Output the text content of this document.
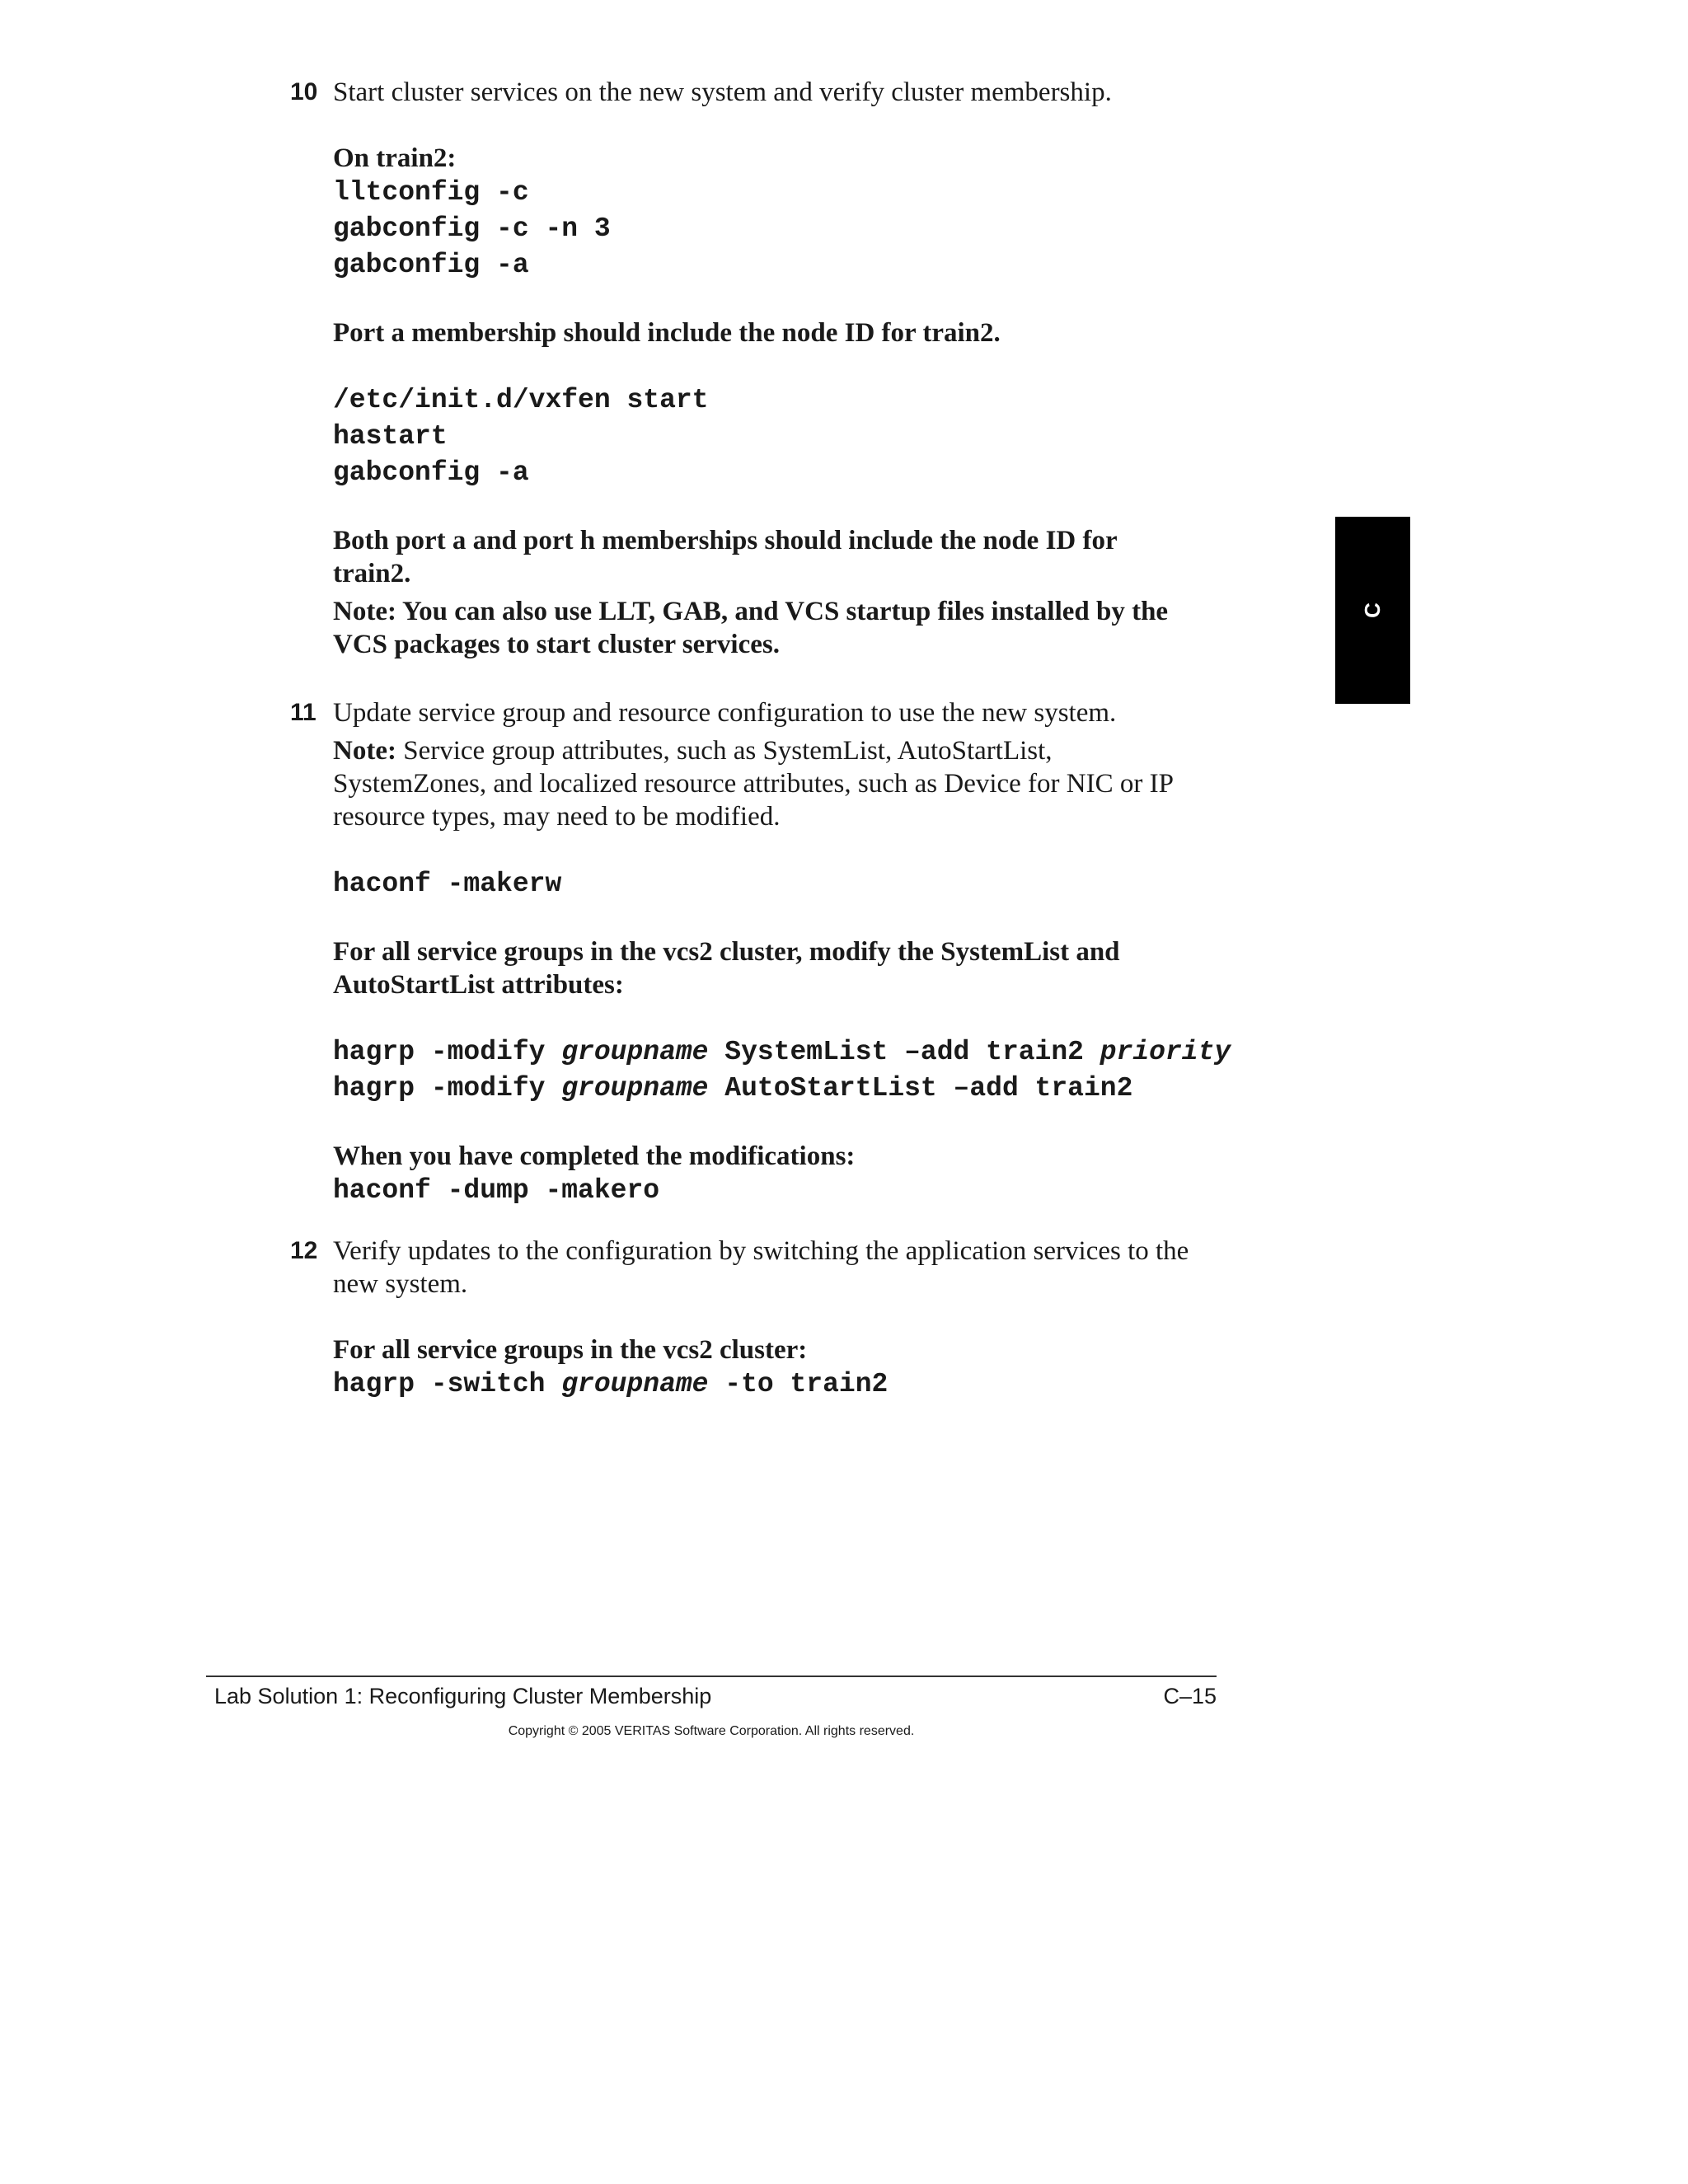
10 Start cluster services on the new system and verify cluster membership.

On train2:

lltconfig -c

gabconfig -c -n 3

gabconfig -a

Port a membership should include the node ID for train2.

/etc/init.d/vxfen start

hastart

gabconfig -a

Both port a and port h memberships should include the node ID for

train2.

Note: You can also use LLT, GAB, and VCS startup files installed by the

VCS packages to start cluster services.

11 Update service group and resource configuration to use the new system.

Note: Service group attributes, such as SystemList, AutoStartList,

SystemZones, and localized resource attributes, such as Device for NIC or IP

resource types, may need to be modified.

haconf -makerw

For all service groups in the vcs2 cluster, modify the SystemList and

AutoStartList attributes:

hagrp -modify groupname SystemList –add train2 priority

hagrp -modify groupname AutoStartList –add train2

When you have completed the modifications:

haconf -dump -makero

12 Verify updates to the configuration by switching the application services to the

new system.

For all service groups in the vcs2 cluster:

hagrp -switch groupname -to train2

C
Lab Solution 1: Reconfiguring Cluster Membership	C–15
Copyright © 2005 VERITAS Software Corporation. All rights reserved.
